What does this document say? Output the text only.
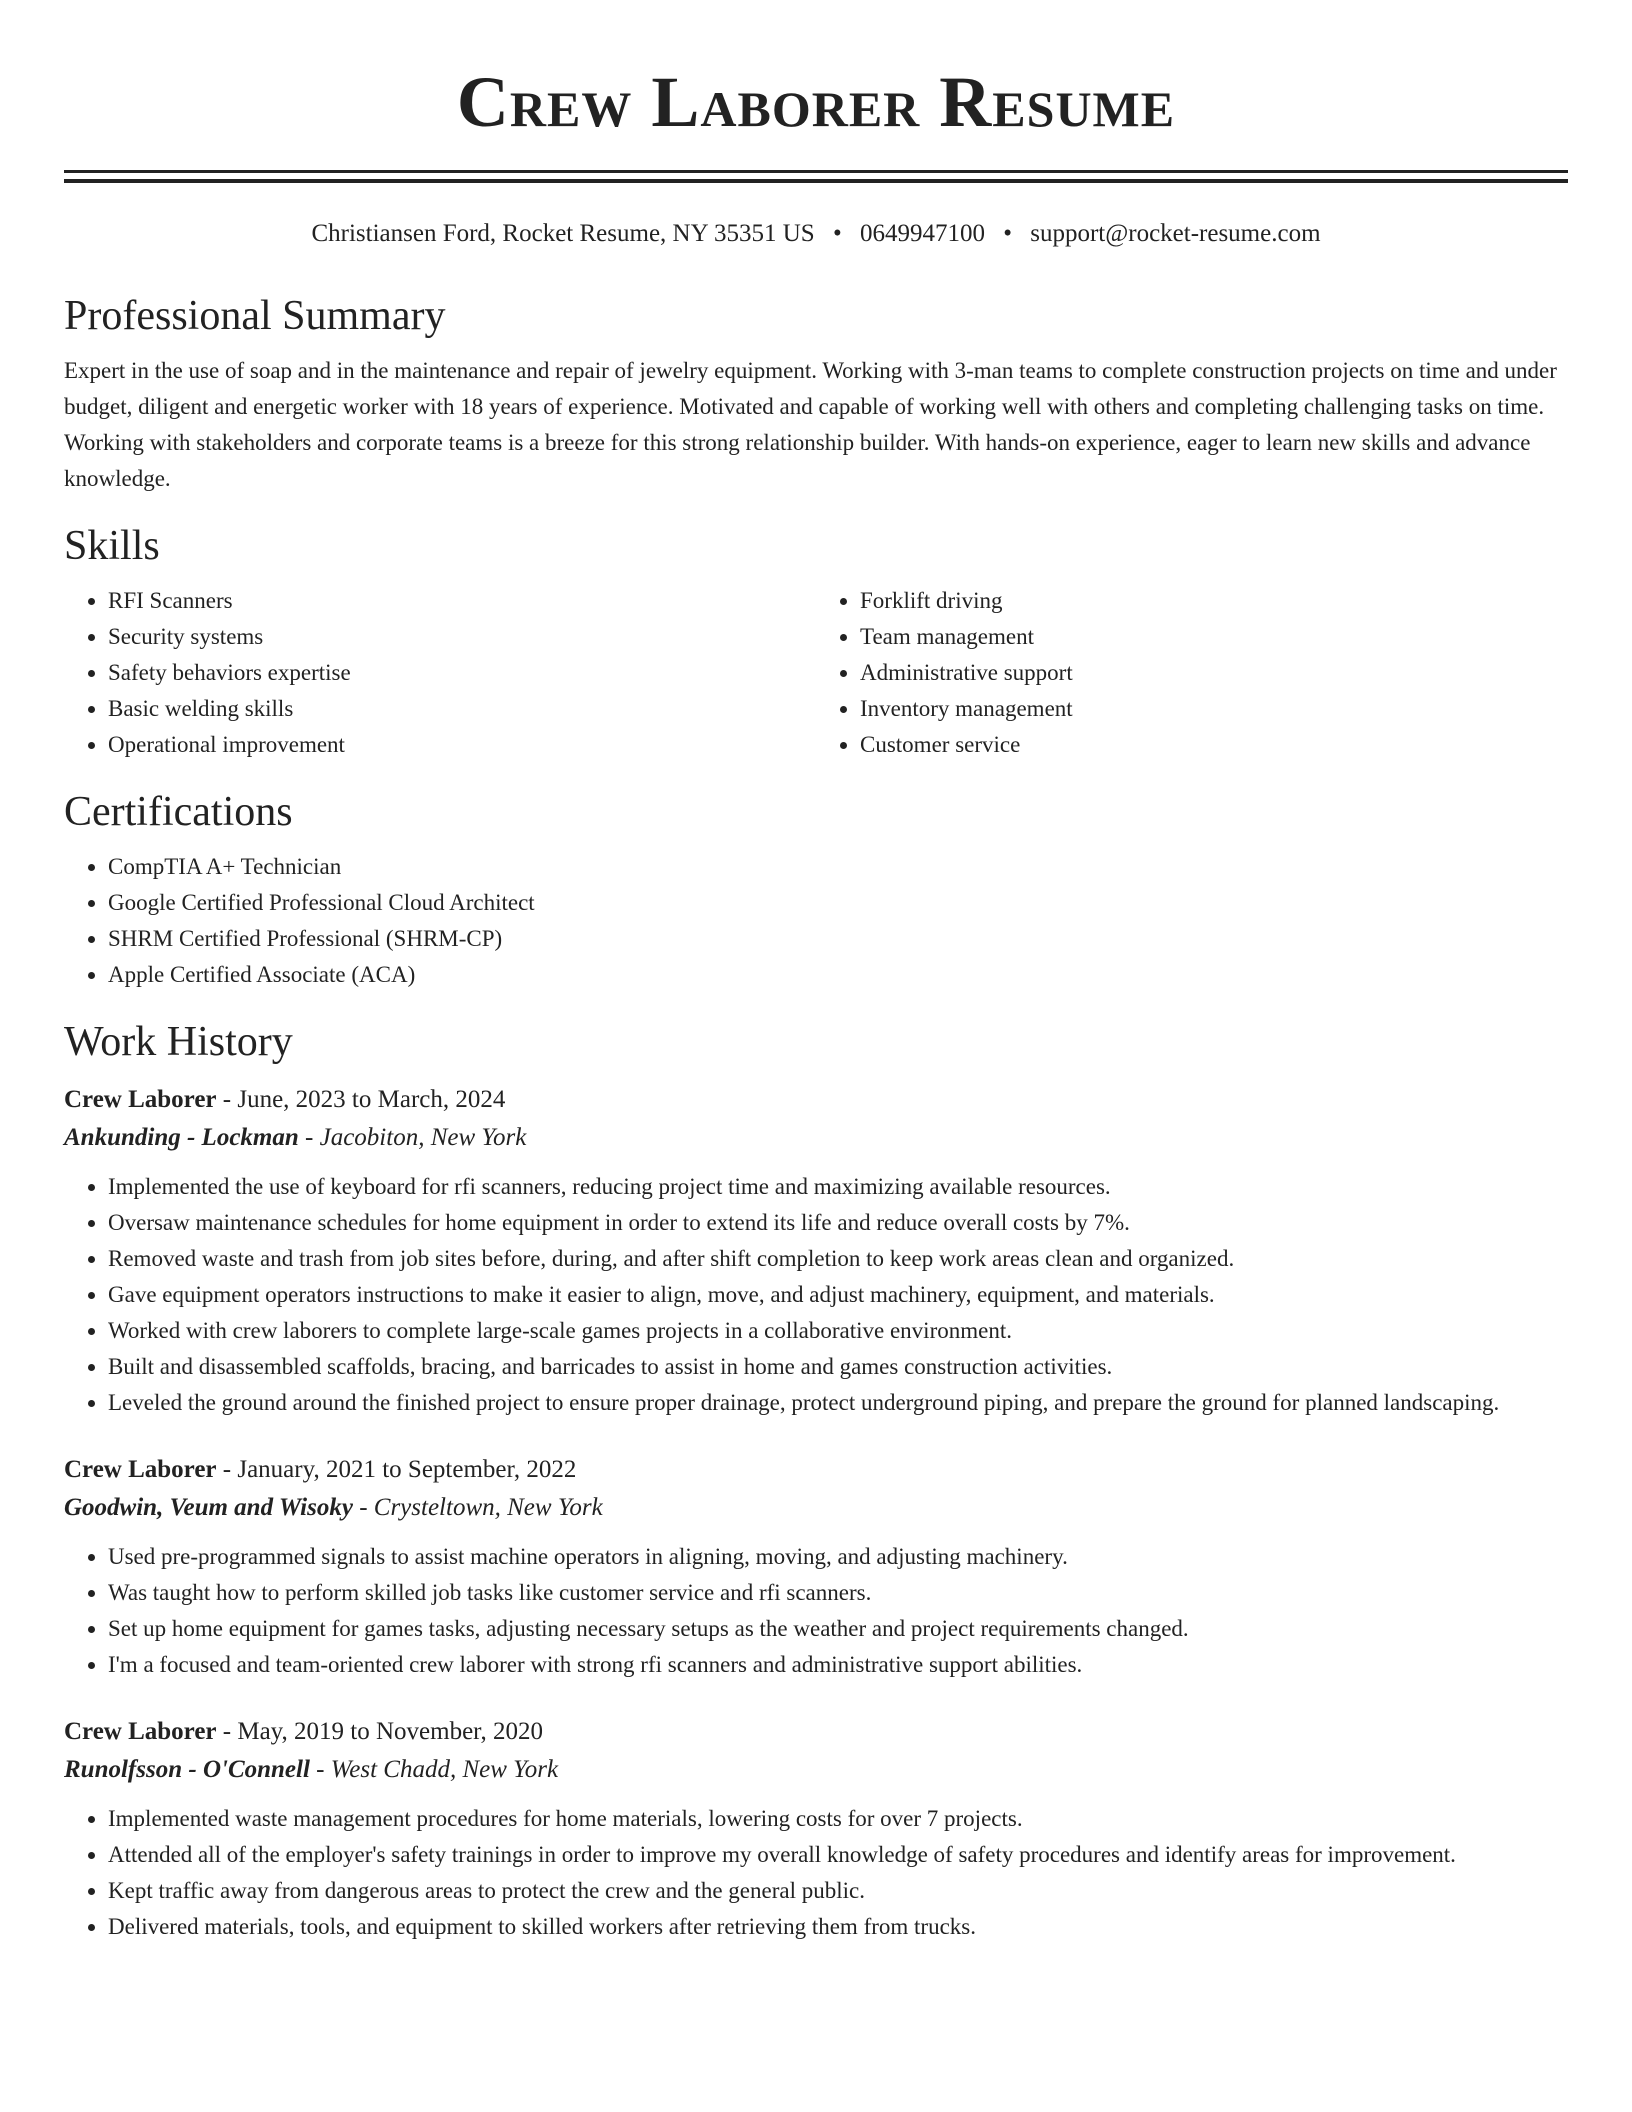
Crew Laborer Resume
Christiansen Ford, Rocket Resume, NY 35351 US • 0649947100 • support@rocket-resume.com
Professional Summary

Expert in the use of soap and in the maintenance and repair of jewelry equipment. Working with 3-man teams to complete construction projects on time and under budget, diligent and energetic worker with 18 years of experience. Motivated and capable of working well with others and completing challenging tasks on time. Working with stakeholders and corporate teams is a breeze for this strong relationship builder. With hands-on experience, eager to learn new skills and advance knowledge.

Skills
• RFI Scanners
• Security systems
• Safety behaviors expertise
• Basic welding skills
• Operational improvement
• Forklift driving
• Team management
• Administrative support
• Inventory management
• Customer service
Certifications
• CompTIA A+ Technician
• Google Certified Professional Cloud Architect
• SHRM Certified Professional (SHRM-CP)
• Apple Certified Associate (ACA)
Work History
Crew Laborer - June, 2023 to March, 2024
Ankunding - Lockman - Jacobiton, New York
• Implemented the use of keyboard for rfi scanners, reducing project time and maximizing available resources.
• Oversaw maintenance schedules for home equipment in order to extend its life and reduce overall costs by 7%.
• Removed waste and trash from job sites before, during, and after shift completion to keep work areas clean and organized.
• Gave equipment operators instructions to make it easier to align, move, and adjust machinery, equipment, and materials.
• Worked with crew laborers to complete large-scale games projects in a collaborative environment.
• Built and disassembled scaffolds, bracing, and barricades to assist in home and games construction activities.
• Leveled the ground around the finished project to ensure proper drainage, protect underground piping, and prepare the ground for planned landscaping.
Crew Laborer - January, 2021 to September, 2022
Goodwin, Veum and Wisoky - Crysteltown, New York
• Used pre-programmed signals to assist machine operators in aligning, moving, and adjusting machinery.
• Was taught how to perform skilled job tasks like customer service and rfi scanners.
• Set up home equipment for games tasks, adjusting necessary setups as the weather and project requirements changed.
• I'm a focused and team-oriented crew laborer with strong rfi scanners and administrative support abilities.
Crew Laborer - May, 2019 to November, 2020
Runolfsson - O'Connell - West Chadd, New York
• Implemented waste management procedures for home materials, lowering costs for over 7 projects.
• Attended all of the employer's safety trainings in order to improve my overall knowledge of safety procedures and identify areas for improvement.
• Kept traffic away from dangerous areas to protect the crew and the general public.
• Delivered materials, tools, and equipment to skilled workers after retrieving them from trucks.
